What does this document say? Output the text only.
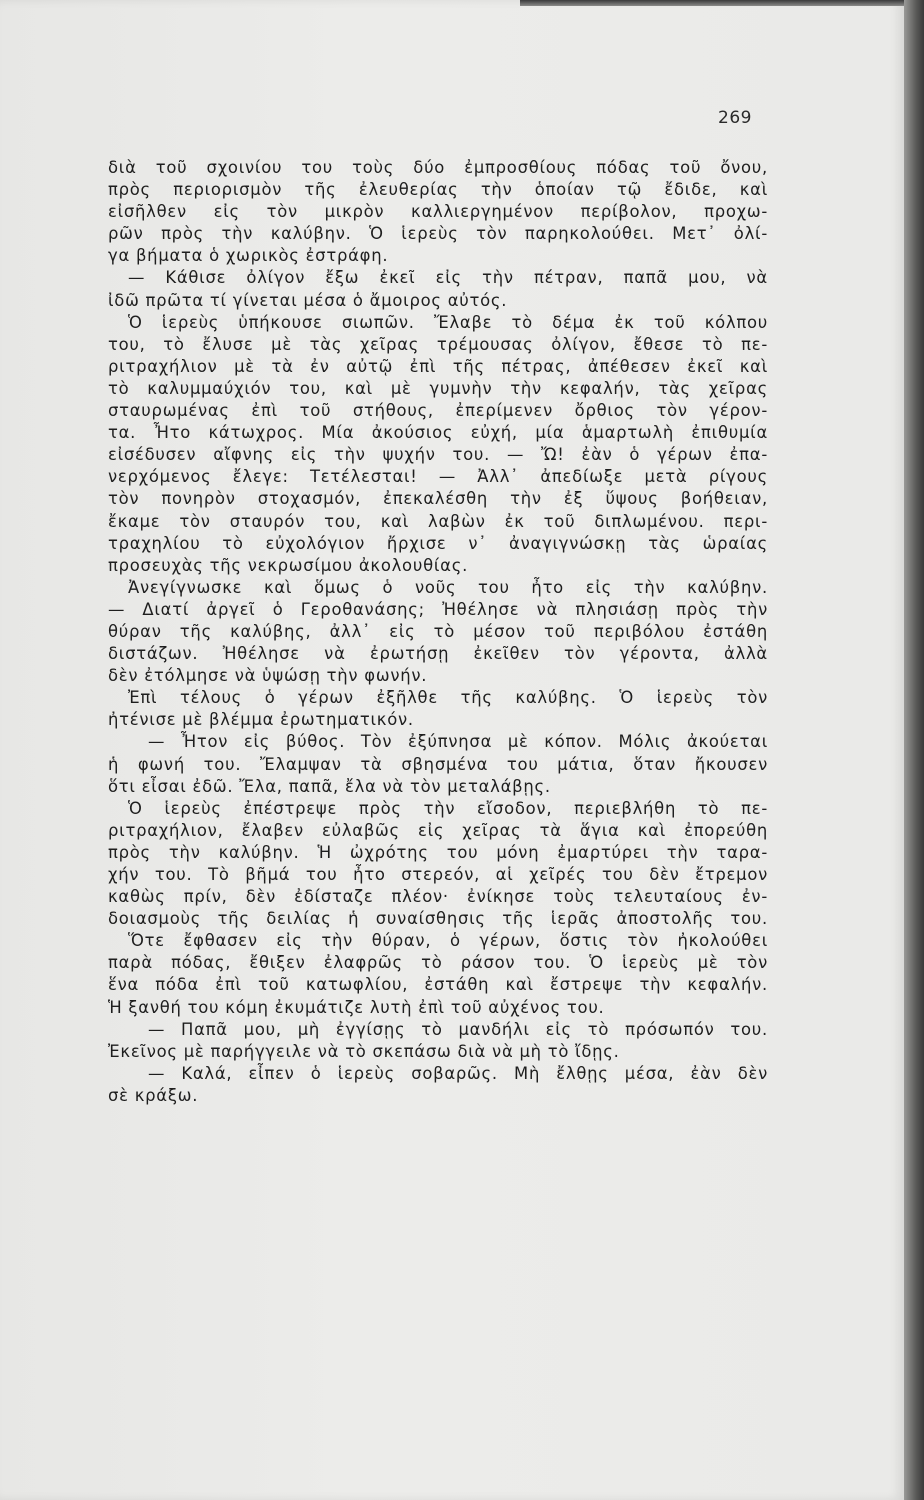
269
διὰ τοῦ σχοινίου του τοὺς δύο ἐμπροσθίους πόδας τοῦ ὄνου,
πρὸς περιορισμὸν τῆς ἐλευθερίας τὴν ὁποίαν τῷ ἔδιδε, καὶ
εἰσῆλθεν εἰς τὸν μικρὸν καλλιεργημένον περίβολον, προχω-
ρῶν πρὸς τὴν καλύβην. Ὁ ἱερεὺς τὸν παρηκολούθει. Μετ᾽ ὀλί-
γα βήματα ὁ χωρικὸς ἐστράφη.
— Κάθισε ὀλίγον ἔξω ἐκεῖ εἰς τὴν πέτραν, παπᾶ μου, νὰ
ἰδῶ πρῶτα τί γίνεται μέσα ὁ ἄμοιρος αὐτός.
Ὁ ἱερεὺς ὑπήκουσε σιωπῶν. Ἔλαβε τὸ δέμα ἐκ τοῦ κόλπου
του, τὸ ἔλυσε μὲ τὰς χεῖρας τρέμουσας ὀλίγον, ἔθεσε τὸ πε-
ριτραχήλιον μὲ τὰ ἐν αὐτῷ ἐπὶ τῆς πέτρας, ἀπέθεσεν ἐκεῖ καὶ
τὸ καλυμμαύχιόν του, καὶ μὲ γυμνὴν τὴν κεφαλήν, τὰς χεῖρας
σταυρωμένας ἐπὶ τοῦ στήθους, ἐπερίμενεν ὄρθιος τὸν γέρον-
τα. Ἦτο κάτωχρος. Μία ἀκούσιος εὐχή, μία ἁμαρτωλὴ ἐπιθυμία
εἰσέδυσεν αἴφνης εἰς τὴν ψυχήν του. — Ὤ! ἐὰν ὁ γέρων ἐπα-
νερχόμενος ἔλεγε: Τετέλεσται! — Ἀλλ᾽ ἀπεδίωξε μετὰ ρίγους
τὸν πονηρὸν στοχασμόν, ἐπεκαλέσθη τὴν ἐξ ὕψους βοήθειαν,
ἔκαμε τὸν σταυρόν του, καὶ λαβὼν ἐκ τοῦ διπλωμένου. περι-
τραχηλίου τὸ εὐχολόγιον ἤρχισε ν᾽ ἀναγιγνώσκῃ τὰς ὡραίας
προσευχὰς τῆς νεκρωσίμου ἀκολουθίας.
Ἀνεγίγνωσκε καὶ ὅμως ὁ νοῦς του ἦτο εἰς τὴν καλύβην.
— Διατί ἀργεῖ ὁ Γεροθανάσης; Ἠθέλησε νὰ πλησιάσῃ πρὸς τὴν
θύραν τῆς καλύβης, ἀλλ᾽ εἰς τὸ μέσον τοῦ περιβόλου ἐστάθη
διστάζων. Ἠθέλησε νὰ ἐρωτήσῃ ἐκεῖθεν τὸν γέροντα, ἀλλὰ
δὲν ἐτόλμησε νὰ ὑψώσῃ τὴν φωνήν.
Ἐπὶ τέλους ὁ γέρων ἐξῆλθε τῆς καλύβης. Ὁ ἱερεὺς τὸν
ἠτένισε μὲ βλέμμα ἐρωτηματικόν.
— Ἦτον εἰς βύθος. Τὸν ἐξύπνησα μὲ κόπον. Μόλις ἀκούεται
ἡ φωνή του. Ἔλαμψαν τὰ σβησμένα του μάτια, ὅταν ἤκουσεν
ὅτι εἶσαι ἐδῶ. Ἔλα, παπᾶ, ἔλα νὰ τὸν μεταλάβῃς.
Ὁ ἱερεὺς ἐπέστρεψε πρὸς τὴν εἴσοδον, περιεβλήθη τὸ πε-
ριτραχήλιον, ἔλαβεν εὐλαβῶς εἰς χεῖρας τὰ ἅγια καὶ ἐπορεύθη
πρὸς τὴν καλύβην. Ἡ ὠχρότης του μόνη ἐμαρτύρει τὴν ταρα-
χήν του. Τὸ βῆμά του ἦτο στερεόν, αἱ χεῖρές του δὲν ἔτρεμον
καθὼς πρίν, δὲν ἐδίσταζε πλέον· ἐνίκησε τοὺς τελευταίους ἐν-
δοιασμοὺς τῆς δειλίας ἡ συναίσθησις τῆς ἱερᾶς ἀποστολῆς του.
Ὅτε ἔφθασεν εἰς τὴν θύραν, ὁ γέρων, ὅστις τὸν ἠκολούθει
παρὰ πόδας, ἔθιξεν ἐλαφρῶς τὸ ράσον του. Ὁ ἱερεὺς μὲ τὸν
ἕνα πόδα ἐπὶ τοῦ κατωφλίου, ἐστάθη καὶ ἔστρεψε τὴν κεφαλήν.
Ἡ ξανθή του κόμη ἐκυμάτιζε λυτὴ ἐπὶ τοῦ αὐχένος του.
— Παπᾶ μου, μὴ ἐγγίσῃς τὸ μανδήλι εἰς τὸ πρόσωπόν του.
Ἐκεῖνος μὲ παρήγγειλε νὰ τὸ σκεπάσω διὰ νὰ μὴ τὸ ἴδῃς.
— Καλά, εἶπεν ὁ ἱερεὺς σοβαρῶς. Μὴ ἔλθῃς μέσα, ἐὰν δὲν
σὲ κράξω.
